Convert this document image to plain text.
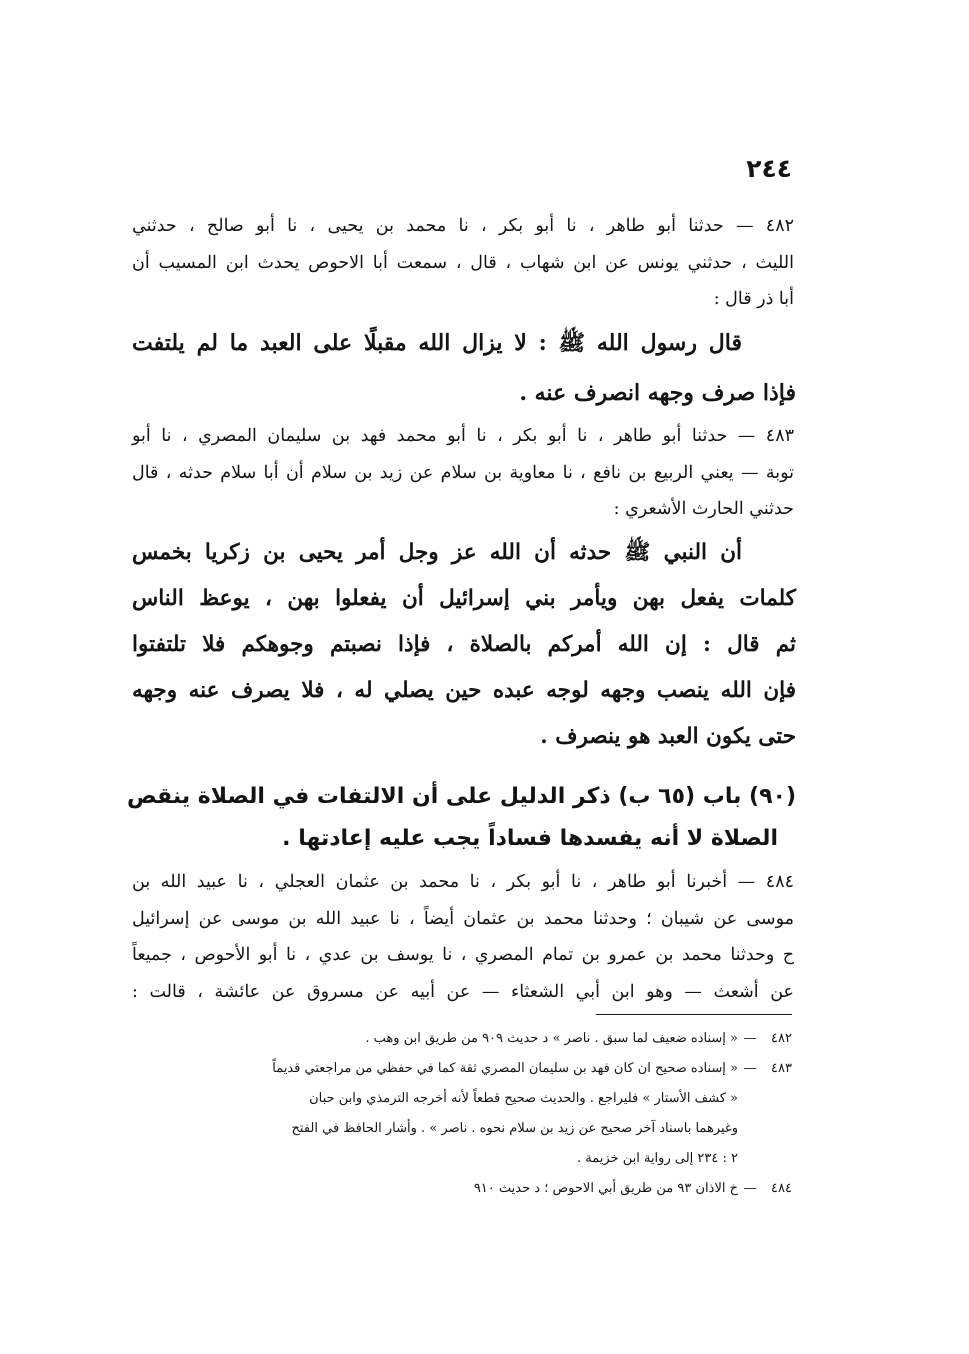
٢٤٤
٤٨٢ — حدثنا أبو طاهر ، نا أبو بكر ، نا محمد بن يحيى ، نا أبو صالح ، حدثني
الليث ، حدثني يونس عن ابن شهاب ، قال ، سمعت أبا الاحوص يحدث ابن المسيب أن
أبا ذر قال :
قال رسول الله ﷺ : لا يزال الله مقبلًا على العبد ما لم يلتفت
فإذا صرف وجهه انصرف عنه .
٤٨٣ — حدثنا أبو طاهر ، نا أبو بكر ، نا أبو محمد فهد بن سليمان المصري ، نا أبو
توبة — يعني الربيع بن نافع ، نا معاوية بن سلام عن زيد بن سلام أن أبا سلام حدثه ، قال
حدثني الحارث الأشعري :
أن النبي ﷺ حدثه أن الله عز وجل أمر يحيى بن زكريا بخمس
كلمات يفعل بهن ويأمر بني إسرائيل أن يفعلوا بهن ، يوعظ الناس
ثم قال : إن الله أمركم بالصلاة ، فإذا نصبتم وجوهكم فلا تلتفتوا
فإن الله ينصب وجهه لوجه عبده حين يصلي له ، فلا يصرف عنه وجهه
حتى يكون العبد هو ينصرف .
(٩٠) باب (٦٥ ب) ذكر الدليل على أن الالتفات في الصلاة ينقص
الصلاة لا أنه يفسدها فساداً يجب عليه إعادتها .
٤٨٤ — أخبرنا أبو طاهر ، نا أبو بكر ، نا محمد بن عثمان العجلي ، نا عبيد الله بن
موسى عن شيبان ؛ وحدثنا محمد بن عثمان أيضاً ، نا عبيد الله بن موسى عن إسرائيل
ح وحدثنا محمد بن عمرو بن تمام المصري ، نا يوسف بن عدي ، نا أبو الأحوص ، جميعاً
عن أشعث — وهو ابن أبي الشعثاء — عن أبيه عن مسروق عن عائشة ، قالت :
٤٨٢
—
« إسناده ضعيف لما سبق . ناصر » د حديث ٩٠٩ من طريق ابن وهب .
٤٨٣
—
« إسناده صحيح ان كان فهد بن سليمان المصري ثقة كما في حفظي من مراجعتي قديماً
« كشف الأستار » فليراجع . والحديث صحيح قطعاً لأنه أخرجه الترمذي وابن حبان
وغيرهما باسناد آخر صحيح عن زيد بن سلام نحوه . ناصر » . وأشار الحافظ في الفتح
٢ : ٢٣٤ إلى رواية ابن خزيمة .
٤٨٤
—
خ الاذان ٩٣ من طريق أبي الاحوص ؛ د حديث ٩١٠
